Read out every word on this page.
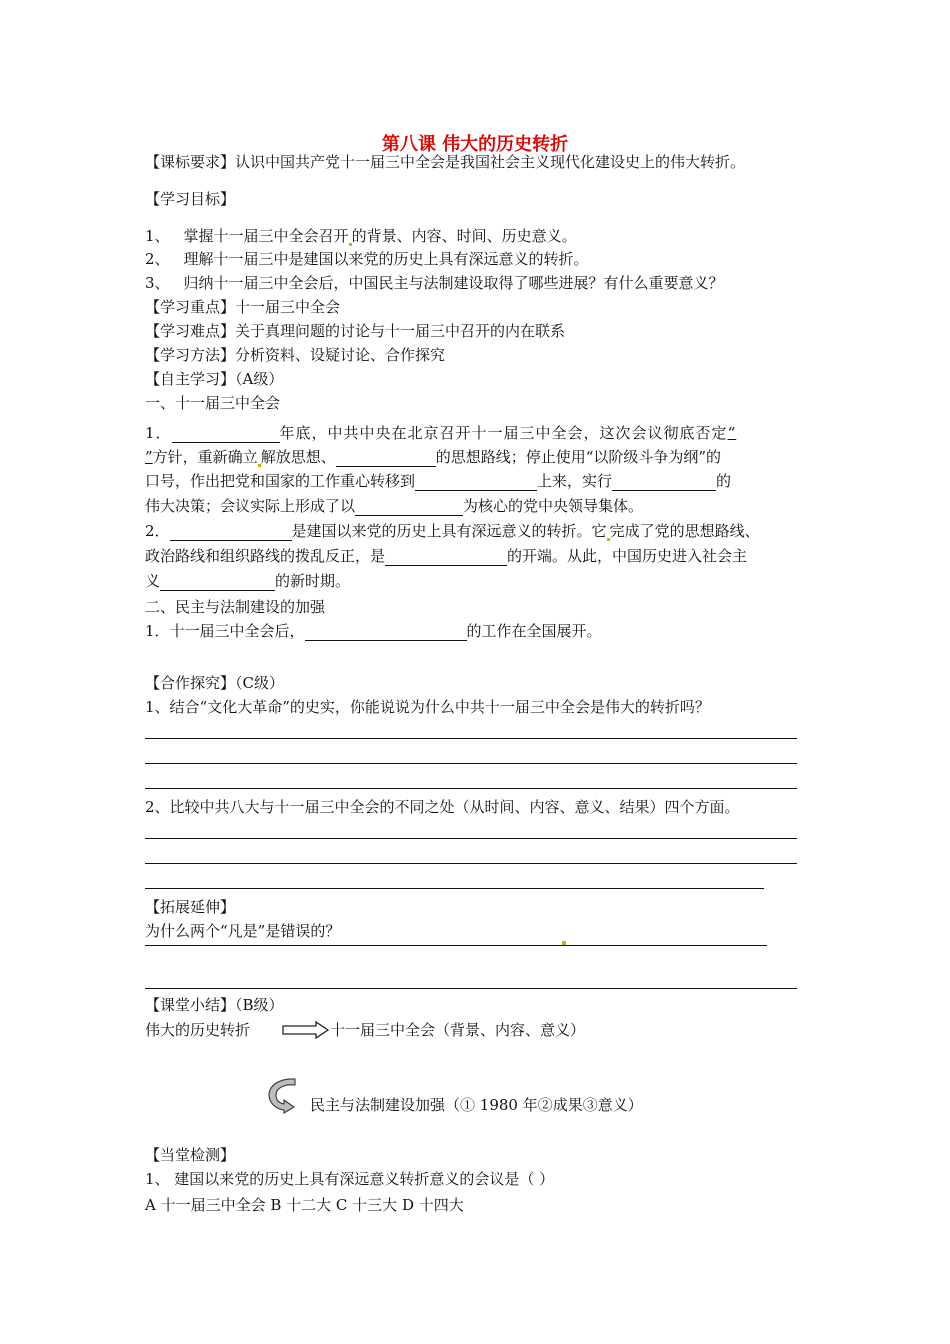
第八课 伟大的历史转折
【课标要求】认识中国共产党十一届三中全会是我国社会主义现代化建设史上的伟大转折。
【学习目标】
1、 掌握十一届三中全会召开 的背景、内容、时间、历史意义。
2、 理解十一届三中是建国以来党的历史上具有深远意义的转折。
3、 归纳十一届三中全会后，中国民主与法制建设取得了哪些进展？有什么重要意义？
【学习重点】十一届三中全会
【学习难点】关于真理问题的讨论与十一届三中召开的内在联系
【学习方法】分析资料、设疑讨论、合作探究
【自主学习】（A级）
一、十一届三中全会
1．	年底，中共中央在北京召开十一届三中全会，这次会议彻底否定“
”方针，重新确立 解放思想、	的思想路线；停止使用“以阶级斗争为纲”的
口号，作出把党和国家的工作重心转移到	上来，实行	的
伟大决策；会议实际上形成了以	为核心的党中央领导集体。
2．	是建国以来党的历史上具有深远意义的转折。它 完成了党的思想路线、
政治路线和组织路线的拨乱反正，是	的开端。从此，中国历史进入社会主
义	的新时期。
二、民主与法制建设的加强
1．十一届三中全会后，	的工作在全国展开。
【合作探究】（C级）
1、结合“文化大革命”的史实，你能说说为什么中共十一届三中全会是伟大的转折吗？
2、比较中共八大与十一届三中全会的不同之处（从时间、内容、意义、结果）四个方面。
【拓展延伸】
为什么两个“凡是”是错误的？
【课堂小结】（B级）
伟大的历史转折	十一届三中全会（背景、内容、意义）
民主与法制建设加强（① 1980 年②成果③意义）
【当堂检测】
1、 建国以来党的历史上具有深远意义转折意义的会议是（ ）
A 十一届三中全会 B 十二大 C 十三大 D 十四大
